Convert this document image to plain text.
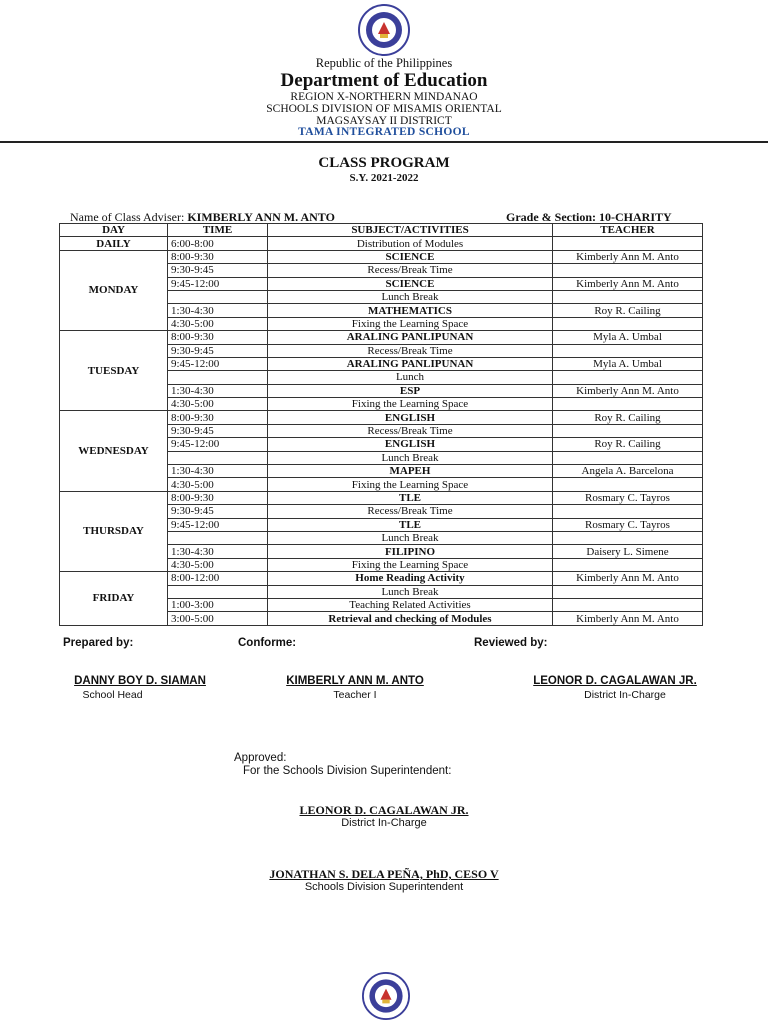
Republic of the Philippines
Department of Education
REGION X-NORTHERN MINDANAO
SCHOOLS DIVISION OF MISAMIS ORIENTAL
MAGSAYSAY II DISTRICT
TAMA INTEGRATED SCHOOL
CLASS PROGRAM
S.Y. 2021-2022
Name of Class Adviser: KIMBERLY ANN M. ANTO	Grade & Section: 10-CHARITY
DAY	TIME	SUBJECT/ACTIVITIES	TEACHER
DAILY	6:00-8:00	Distribution of Modules	
MONDAY	8:00-9:30	SCIENCE	Kimberly Ann M. Anto
	9:30-9:45	Recess/Break Time	
	9:45-12:00	SCIENCE	Kimberly Ann M. Anto
		Lunch Break	
	1:30-4:30	MATHEMATICS	Roy R. Cailing
	4:30-5:00	Fixing the Learning Space	
TUESDAY	8:00-9:30	ARALING PANLIPUNAN	Myla A. Umbal
	9:30-9:45	Recess/Break Time	
	9:45-12:00	ARALING PANLIPUNAN	Myla A. Umbal
		Lunch	
	1:30-4:30	ESP	Kimberly Ann M. Anto
	4:30-5:00	Fixing the Learning Space	
WEDNESDAY	8:00-9:30	ENGLISH	Roy R. Cailing
	9:30-9:45	Recess/Break Time	
	9:45-12:00	ENGLISH	Roy R. Cailing
		Lunch Break	
	1:30-4:30	MAPEH	Angela A. Barcelona
	4:30-5:00	Fixing the Learning Space	
THURSDAY	8:00-9:30	TLE	Rosmary C. Tayros
	9:30-9:45	Recess/Break Time	
	9:45-12:00	TLE	Rosmary C. Tayros
		Lunch Break	
	1:30-4:30	FILIPINO	Daisery L. Simene
	4:30-5:00	Fixing the Learning Space	
FRIDAY	8:00-12:00	Home Reading Activity	Kimberly Ann M. Anto
		Lunch Break	
	1:00-3:00	Teaching Related Activities	
	3:00-5:00	Retrieval and checking of Modules	Kimberly Ann M. Anto
Prepared by:	Conforme:	Reviewed by:
DANNY BOY D. SIAMAN
School Head
KIMBERLY ANN M. ANTO
Teacher I
LEONOR D. CAGALAWAN JR.
District In-Charge
Approved:
For the Schools Division Superintendent:
LEONOR D. CAGALAWAN JR.
District In-Charge
JONATHAN S. DELA PEÑA, PhD, CESO V
Schools Division Superintendent
